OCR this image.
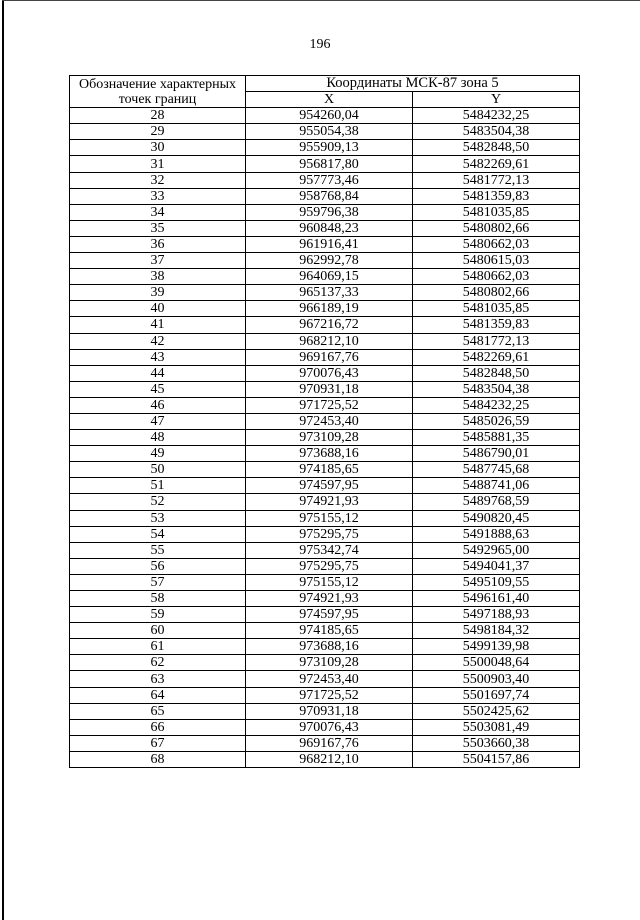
196
Обозначение характерных точек границ	Координаты МСК-87 зона 5	
	X	Y
28	954260,04	5484232,25
29	955054,38	5483504,38
30	955909,13	5482848,50
31	956817,80	5482269,61
32	957773,46	5481772,13
33	958768,84	5481359,83
34	959796,38	5481035,85
35	960848,23	5480802,66
36	961916,41	5480662,03
37	962992,78	5480615,03
38	964069,15	5480662,03
39	965137,33	5480802,66
40	966189,19	5481035,85
41	967216,72	5481359,83
42	968212,10	5481772,13
43	969167,76	5482269,61
44	970076,43	5482848,50
45	970931,18	5483504,38
46	971725,52	5484232,25
47	972453,40	5485026,59
48	973109,28	5485881,35
49	973688,16	5486790,01
50	974185,65	5487745,68
51	974597,95	5488741,06
52	974921,93	5489768,59
53	975155,12	5490820,45
54	975295,75	5491888,63
55	975342,74	5492965,00
56	975295,75	5494041,37
57	975155,12	5495109,55
58	974921,93	5496161,40
59	974597,95	5497188,93
60	974185,65	5498184,32
61	973688,16	5499139,98
62	973109,28	5500048,64
63	972453,40	5500903,40
64	971725,52	5501697,74
65	970931,18	5502425,62
66	970076,43	5503081,49
67	969167,76	5503660,38
68	968212,10	5504157,86
